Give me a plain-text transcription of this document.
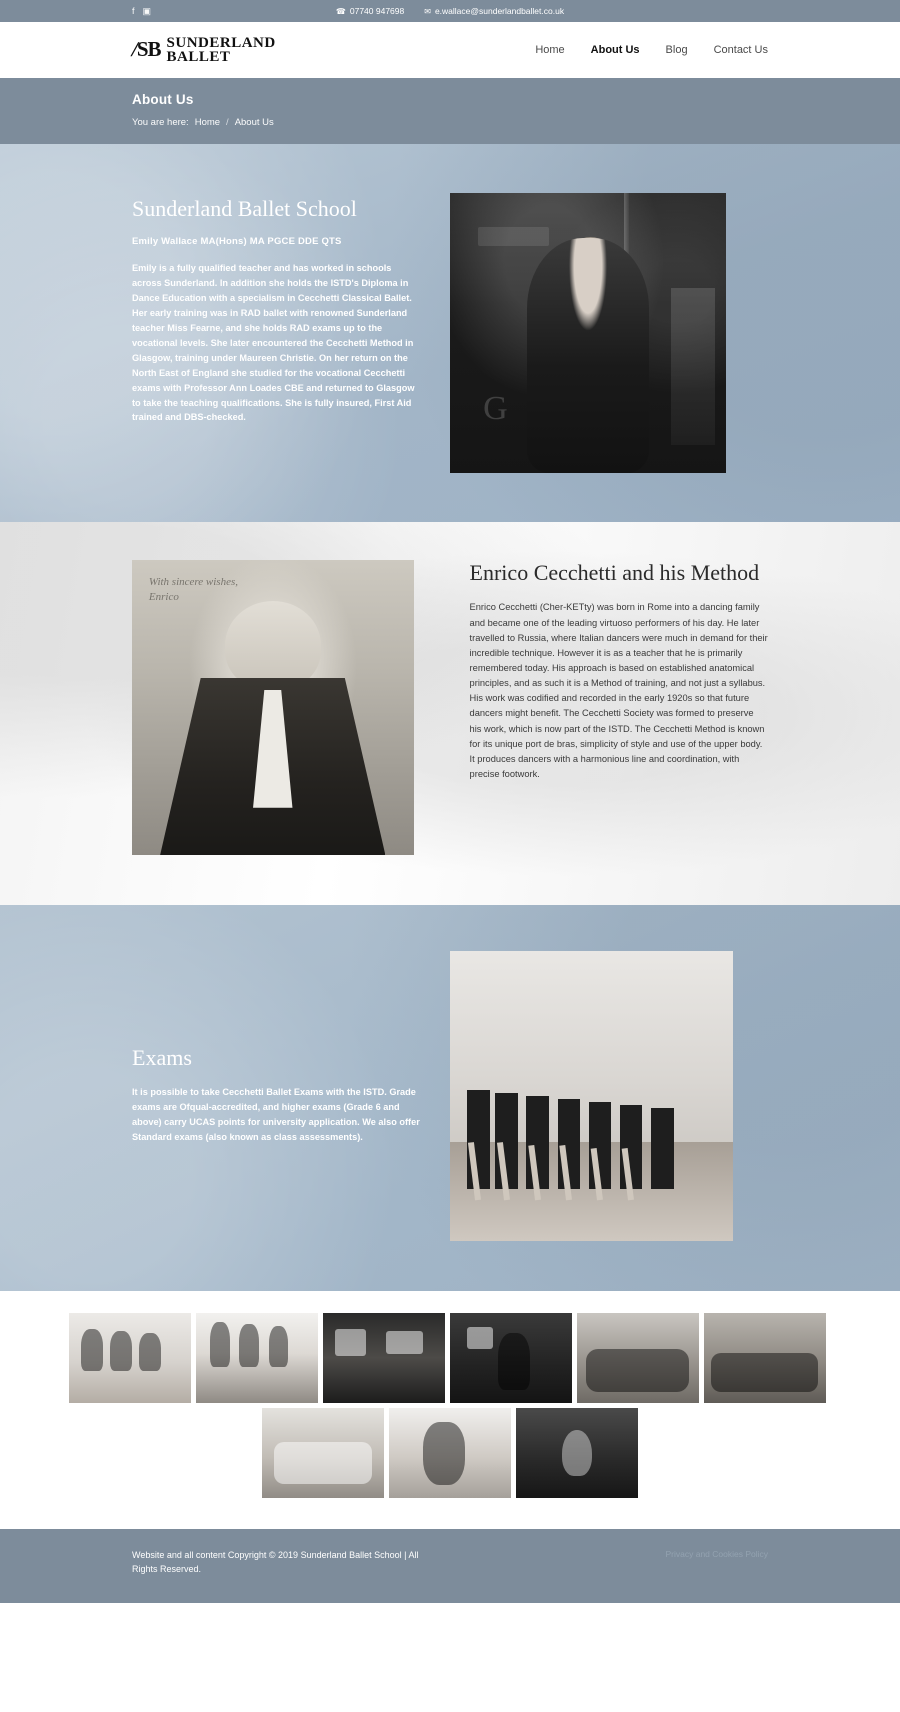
f ▣	☎ 07740 947698	✉ e.wallace@sunderlandballet.co.uk
/SB SUNDERLAND
BALLET	Home About Us Blog Contact Us
About Us
You are here: Home / About Us
Sunderland Ballet School
Emily Wallace MA(Hons) MA PGCE DDE QTS

Emily is a fully qualified teacher and has worked in schools across Sunderland. In addition she holds the ISTD's Diploma in Dance Education with a specialism in Cecchetti Classical Ballet. Her early training was in RAD ballet with renowned Sunderland teacher Miss Fearne, and she holds RAD exams up to the vocational levels. She later encountered the Cecchetti Method in Glasgow, training under Maureen Christie. On her return on the North East of England she studied for the vocational Cecchetti exams with Professor Ann Loades CBE and returned to Glasgow to take the teaching qualifications. She is fully insured, First Aid trained and DBS-checked.	G
With sincere wishes, Enrico
Enrico Cecchetti and his Method

Enrico Cecchetti (Cher-KETty) was born in Rome into a dancing family and became one of the leading virtuoso performers of his day. He later travelled to Russia, where Italian dancers were much in demand for their incredible technique. However it is as a teacher that he is primarily remembered today. His approach is based on established anatomical principles, and as such it is a Method of training, and not just a syllabus. His work was codified and recorded in the early 1920s so that future dancers might benefit. The Cecchetti Society was formed to preserve his work, which is now part of the ISTD. The Cecchetti Method is known for its unique port de bras, simplicity of style and use of the upper body. It produces dancers with a harmonious line and coordination, with precise footwork.

Exams

It is possible to take Cecchetti Ballet Exams with the ISTD. Grade exams are Ofqual-accredited, and higher exams (Grade 6 and above) carry UCAS points for university application. We also offer Standard exams (also known as class assessments).

Website and all content Copyright © 2019 Sunderland Ballet School | All Rights Reserved.
Privacy and Cookies Policy
